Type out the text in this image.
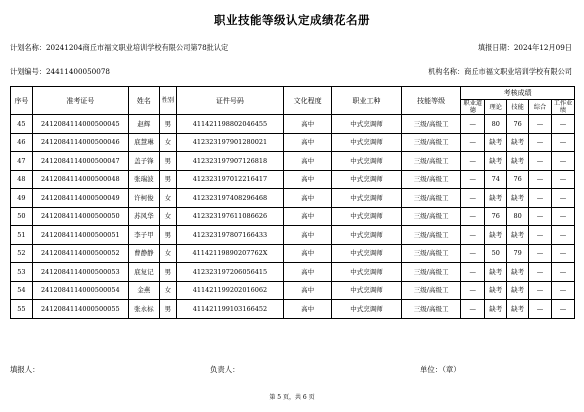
职业技能等级认定成绩花名册
计划名称：20241204商丘市福文职业培训学校有限公司第78批认定	填报日期：2024年12月09日
计划编号：24411400050078	机构名称：商丘市福文职业培训学校有限公司
序号	准考证号	姓名	性别	证件号码	文化程度	职业工种	技能等级	考核成绩				
								职业道德	理论	技能	综合	工作业绩
45	2412084114000500045	赵辉	男	411421198802046455	高中	中式烹调师	三级/高级工	—	80	76	—	—
46	2412084114000500046	底慧琳	女	412323197901280021	高中	中式烹调师	三级/高级工	—	缺考	缺考	—	—
47	2412084114000500047	盖子锋	男	412323197907126818	高中	中式烹调师	三级/高级工	—	缺考	缺考	—	—
48	2412084114000500048	张瑞波	男	412323197012216417	高中	中式烹调师	三级/高级工	—	74	76	—	—
49	2412084114000500049	许柯俊	女	412323197408296468	高中	中式烹调师	三级/高级工	—	缺考	缺考	—	—
50	2412084114000500050	苏风华	女	412323197611086626	高中	中式烹调师	三级/高级工	—	76	80	—	—
51	2412084114000500051	李子甲	男	412323197807166433	高中	中式烹调师	三级/高级工	—	缺考	缺考	—	—
52	2412084114000500052	曹静静	女	41142119890207762X	高中	中式烹调师	三级/高级工	—	50	79	—	—
53	2412084114000500053	底复记	男	412323197206056415	高中	中式烹调师	三级/高级工	—	缺考	缺考	—	—
54	2412084114000500054	金燕	女	411421199202016062	高中	中式烹调师	三级/高级工	—	缺考	缺考	—	—
55	2412084114000500055	张永标	男	411421199103166452	高中	中式烹调师	三级/高级工	—	缺考	缺考	—	—
填报人：	负责人：	单位：（章）
第 5 页，共 6 页
